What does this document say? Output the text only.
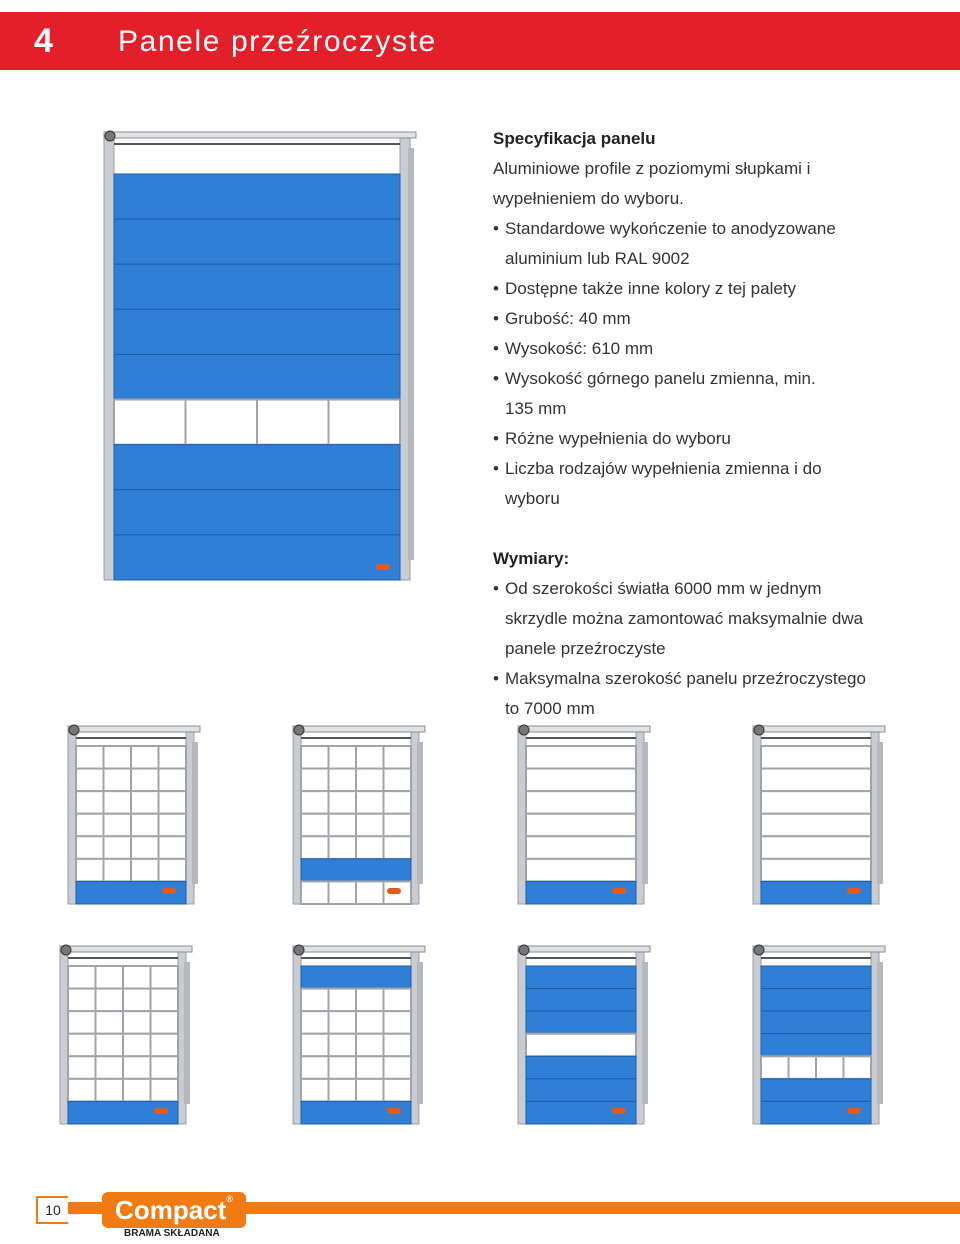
4 Panele przeźroczyste
Specyfikacja panelu
Aluminiowe profile z poziomymi słupkami i
wypełnieniem do wyboru.
• Standardowe wykończenie to anodyzowane
aluminium lub RAL 9002
• Dostępne także inne kolory z tej palety
• Grubość: 40 mm
• Wysokość: 610 mm
• Wysokość górnego panelu zmienna, min.
135 mm
• Różne wypełnienia do wyboru
• Liczba rodzajów wypełnienia zmienna i do
wyboru
Wymiary:
• Od szerokości światła 6000 mm w jednym
skrzydle można zamontować maksymalnie dwa
panele przeźroczyste
• Maksymalna szerokość panelu przeźroczystego
to 7000 mm
10	Compact®
BRAMA SKŁADANA
